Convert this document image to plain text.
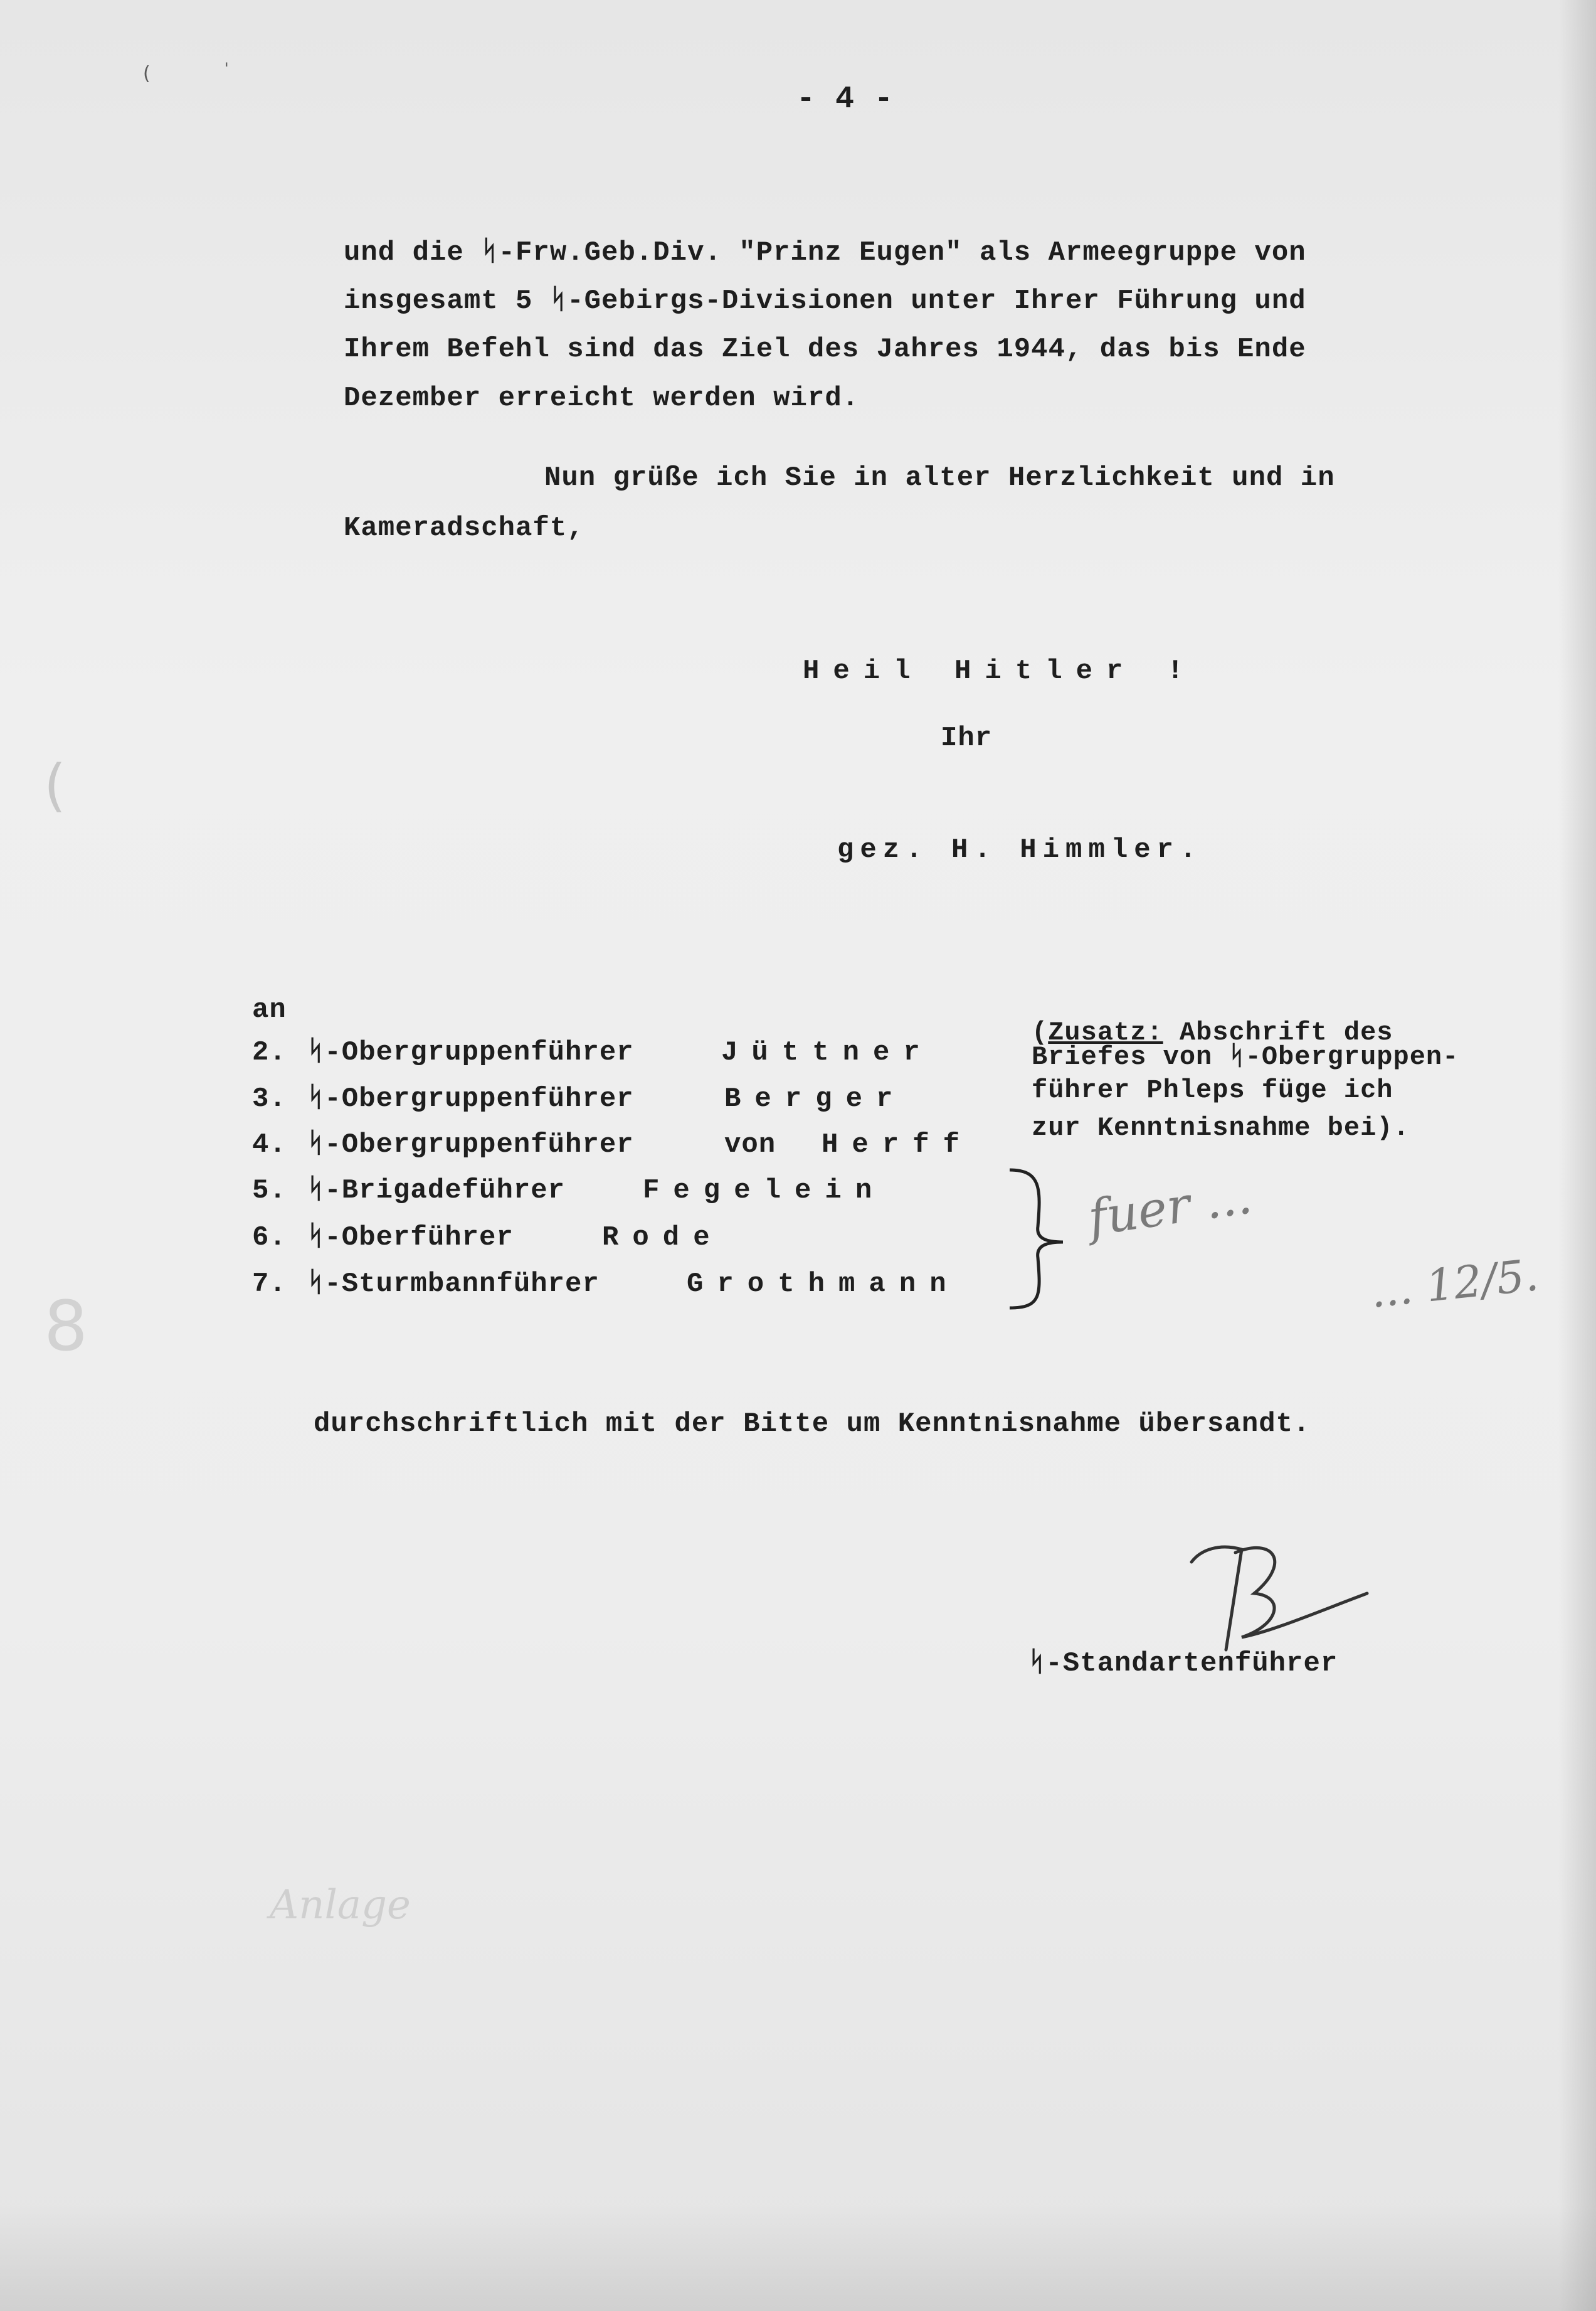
(	'
(
8
- 4 -
und die ᛋ-Frw.Geb.Div. "Prinz Eugen" als Armeegruppe von
insgesamt 5 ᛋ-Gebirgs-Divisionen unter Ihrer Führung und
Ihrem Befehl sind das Ziel des Jahres 1944, das bis Ende
Dezember erreicht werden wird.
Nun grüße ich Sie in alter Herzlichkeit und in
Kameradschaft,
Heil Hitler !
Ihr
gez. H. Himmler.
an
2. ᛋ-Obergruppenführer	Jüttner
3. ᛋ-Obergruppenführer	Berger
4. ᛋ-Obergruppenführer	von Herff
5. ᛋ-Brigadeführer	Fegelein
6. ᛋ-Oberführer	Rode
7. ᛋ-Sturmbannführer	Grothmann
(Zusatz: Abschrift des
Briefes von ᛋ-Obergruppen-
führer Phleps füge ich
zur Kenntnisnahme bei).
fuer ...
... 12/5.
durchschriftlich mit der Bitte um Kenntnisnahme übersandt.
ᛋ-Standartenführer
Anlage
